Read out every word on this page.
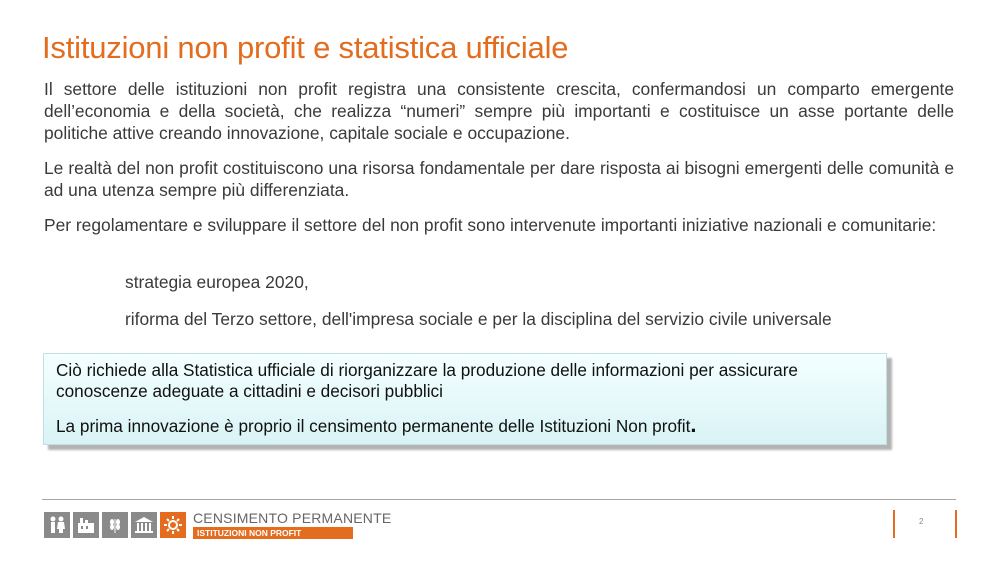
Istituzioni non profit e statistica ufficiale
Il settore delle istituzioni non profit registra una consistente crescita, confermandosi un comparto emergente dell’economia e della società, che realizza “numeri” sempre più importanti e costituisce un asse portante delle politiche attive creando innovazione, capitale sociale e occupazione.
Le realtà del non profit costituiscono una risorsa fondamentale per dare risposta ai bisogni emergenti delle comunità e ad una utenza sempre più differenziata.
Per regolamentare e sviluppare il settore del non profit sono intervenute importanti iniziative nazionali e comunitarie:
strategia europea 2020,
riforma del Terzo settore, dell'impresa sociale e per la disciplina del servizio civile universale
Ciò richiede alla Statistica ufficiale di riorganizzare la produzione delle informazioni per assicurare conoscenze adeguate a cittadini e decisori pubblici
La prima innovazione è proprio il censimento permanente delle Istituzioni Non profit.
CENSIMENTO PERMANENTE
ISTITUZIONI NON PROFIT
2
